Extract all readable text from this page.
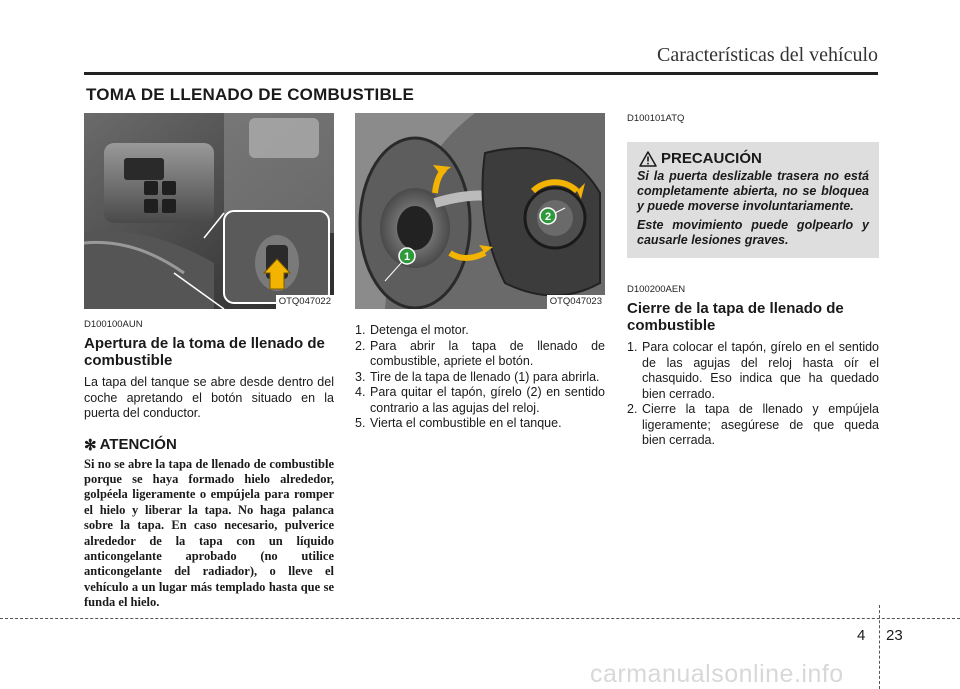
Características del vehículo
TOMA DE LLENADO DE COMBUSTIBLE
OTQ047022
D100100AUN
Apertura de la toma de llenado de combustible
La tapa del tanque se abre desde dentro del coche apretando el botón situado en la puerta del conductor.
✻ ATENCIÓN
Si no se abre la tapa de llenado de combustible porque se haya formado hielo alrededor, golpéela ligeramente o empújela para romper el hielo y liberar la tapa. No haga palanca sobre la tapa. En caso necesario, pulverice alrededor de la tapa con un líquido anticongelante aprobado (no utilice anticongelante del radiador), o lleve el vehículo a un lugar más templado hasta que se funda el hielo.
1
2
OTQ047023
1. Detenga el motor.
2. Para abrir la tapa de llenado de combustible, apriete el botón.
3. Tire de la tapa de llenado (1) para abrirla.
4. Para quitar el tapón, gírelo (2) en sentido contrario a las agujas del reloj.
5. Vierta el combustible en el tanque.
D100101ATQ
PRECAUCIÓN

Si la puerta deslizable trasera no está completamente abierta, no se bloquea y puede moverse involuntariamente.

Este movimiento puede golpearlo y causarle lesiones graves.

D100200AEN
Cierre de la tapa de llenado de combustible
1. Para colocar el tapón, gírelo en el sentido de las agujas del reloj hasta oír el chasquido. Eso indica que ha quedado bien cerrado.
2. Cierre la tapa de llenado y empújela ligeramente; asegúrese de que queda bien cerrada.
4 23
carmanualsonline.info
